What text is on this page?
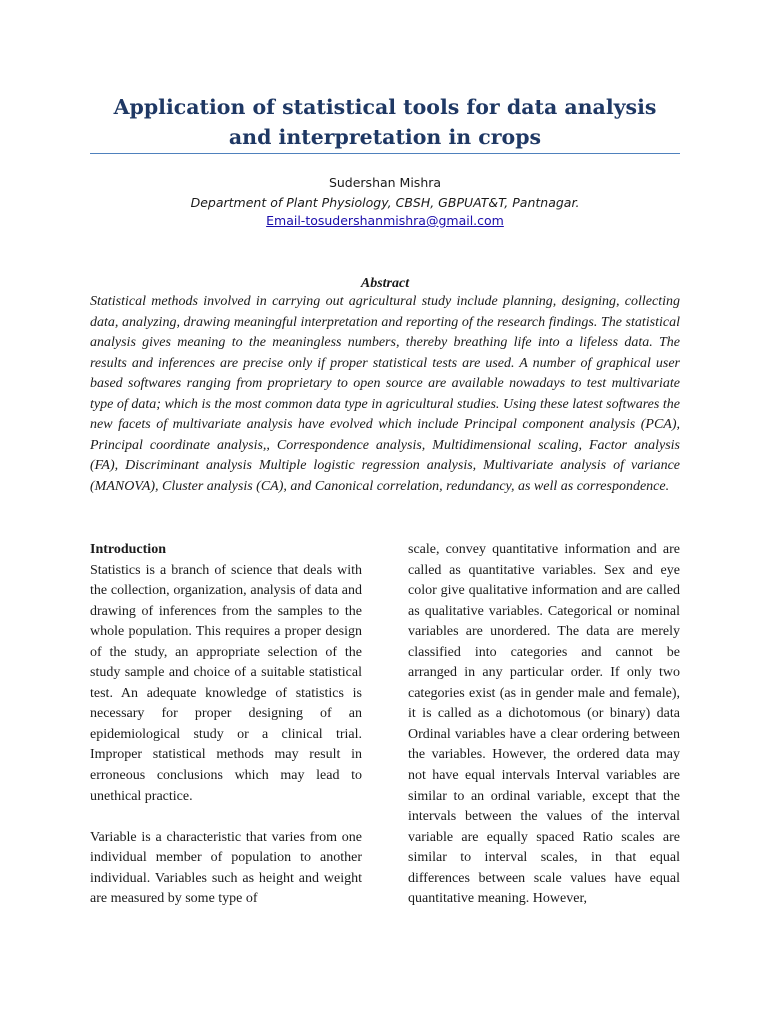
Application of statistical tools for data analysis and interpretation in crops
Sudershan Mishra
Department of Plant Physiology, CBSH, GBPUAT&T, Pantnagar.
Email-tosudershanmishra@gmail.com
Abstract

Statistical methods involved in carrying out agricultural study include planning, designing, collecting data, analyzing, drawing meaningful interpretation and reporting of the research findings. The statistical analysis gives meaning to the meaningless numbers, thereby breathing life into a lifeless data. The results and inferences are precise only if proper statistical tests are used. A number of graphical user based softwares ranging from proprietary to open source are available nowadays to test multivariate type of data; which is the most common data type in agricultural studies. Using these latest softwares the new facets of multivariate analysis have evolved which include Principal component analysis (PCA), Principal coordinate analysis,, Correspondence analysis, Multidimensional scaling, Factor analysis (FA), Discriminant analysis Multiple logistic regression analysis, Multivariate analysis of variance (MANOVA), Cluster analysis (CA), and Canonical correlation, redundancy, as well as correspondence.

Introduction

Statistics is a branch of science that deals with the collection, organization, analysis of data and drawing of inferences from the samples to the whole population. This requires a proper design of the study, an appropriate selection of the study sample and choice of a suitable statistical test. An adequate knowledge of statistics is necessary for proper designing of an epidemiological study or a clinical trial. Improper statistical methods may result in erroneous conclusions which may lead to unethical practice.

Variable is a characteristic that varies from one individual member of population to another individual. Variables such as height and weight are measured by some type of

scale, convey quantitative information and are called as quantitative variables. Sex and eye color give qualitative information and are called as qualitative variables. Categorical or nominal variables are unordered. The data are merely classified into categories and cannot be arranged in any particular order. If only two categories exist (as in gender male and female), it is called as a dichotomous (or binary) data Ordinal variables have a clear ordering between the variables. However, the ordered data may not have equal intervals Interval variables are similar to an ordinal variable, except that the intervals between the values of the interval variable are equally spaced Ratio scales are similar to interval scales, in that equal differences between scale values have equal quantitative meaning. However,
